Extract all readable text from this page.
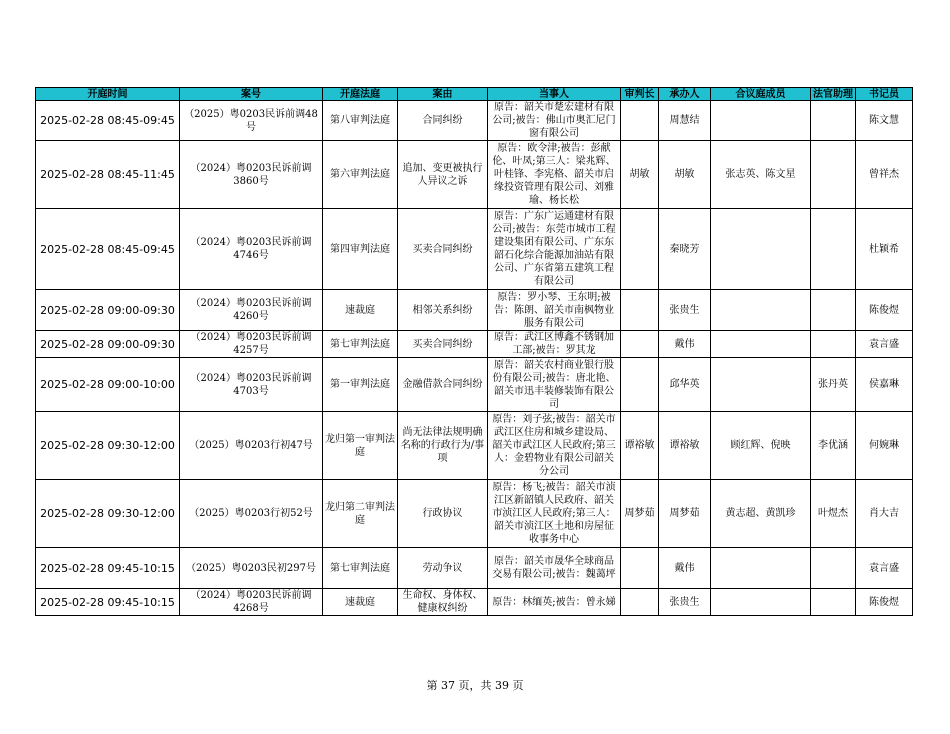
开庭时间	案号	开庭法庭	案由	当事人	审判长	承办人	合议庭成员	法官助理	书记员
2025-02-28 08:45-09:45	（2025）粤0203民诉前调48号	第八审判法庭	合同纠纷	原告：韶关市楚宏建材有限公司;被告：佛山市奥汇尼门窗有限公司		周慧结			陈文慧
2025-02-28 08:45-11:45	（2024）粤0203民诉前调3860号	第六审判法庭	追加、变更被执行人异议之诉	原告：欧令津;被告：彭献伦、叶凤;第三人：梁兆辉、叶桂锋、李宪格、韶关市启缘投资管理有限公司、刘雅瑜、杨长松	胡敏	胡敏	张志英、陈文星		曾祥杰
2025-02-28 08:45-09:45	（2024）粤0203民诉前调4746号	第四审判法庭	买卖合同纠纷	原告：广东广运通建材有限公司;被告：东莞市城市工程建设集团有限公司、广东东韶石化综合能源加油站有限公司、广东省第五建筑工程有限公司		秦晓芳			杜颖希
2025-02-28 09:00-09:30	（2024）粤0203民诉前调4260号	速裁庭	相邻关系纠纷	原告：罗小琴、王东明;被告：陈朗、韶关市南枫物业服务有限公司		张贵生			陈俊煜
2025-02-28 09:00-09:30	（2024）粤0203民诉前调4257号	第七审判法庭	买卖合同纠纷	原告：武江区博鑫不锈钢加工部;被告：罗其龙		戴伟			袁言盛
2025-02-28 09:00-10:00	（2024）粤0203民诉前调4703号	第一审判法庭	金融借款合同纠纷	原告：韶关农村商业银行股份有限公司;被告：唐北艳、韶关市迅丰装修装饰有限公司		邱华英		张丹英	侯嘉琳
2025-02-28 09:30-12:00	（2025）粤0203行初47号	龙归第一审判法庭	尚无法律法规明确名称的行政行为/事项	原告：刘子弦;被告：韶关市武江区住房和城乡建设局、韶关市武江区人民政府;第三人：金碧物业有限公司韶关分公司	谭裕敏	谭裕敏	顾红辉、倪映	李优涵	何婉琳
2025-02-28 09:30-12:00	（2025）粤0203行初52号	龙归第二审判法庭	行政协议	原告：杨飞;被告：韶关市浈江区新韶镇人民政府、韶关市浈江区人民政府;第三人：韶关市浈江区土地和房屋征收事务中心	周梦茹	周梦茹	黄志超、黄凯珍	叶煜杰	肖大吉
2025-02-28 09:45-10:15	（2025）粤0203民初297号	第七审判法庭	劳动争议	原告：韶关市晟华全球商品交易有限公司;被告：魏蔼坪		戴伟			袁言盛
2025-02-28 09:45-10:15	（2024）粤0203民诉前调4268号	速裁庭	生命权、身体权、健康权纠纷	原告：林缅英;被告：曾永娣		张贵生			陈俊煜
第 37 页，共 39 页
